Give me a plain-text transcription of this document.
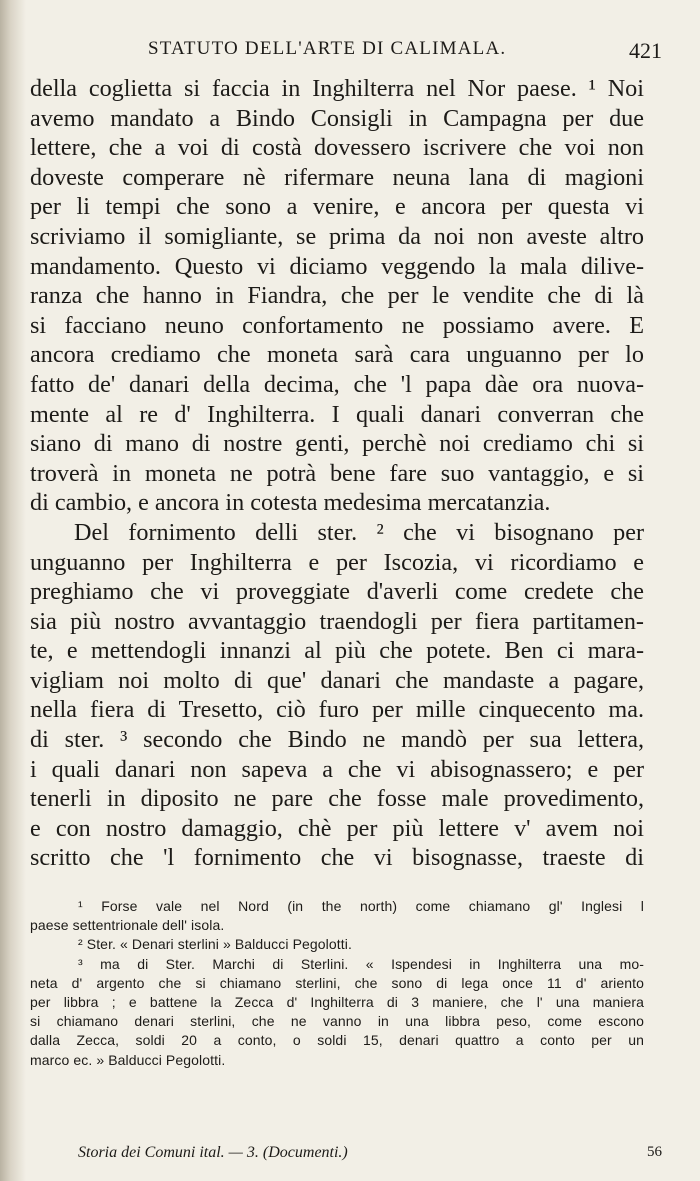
STATUTO DELL'ARTE DI CALIMALA.	421
della coglietta si faccia in Inghilterra nel Nor paese. ¹ Noi
avemo mandato a Bindo Consigli in Campagna per due
lettere, che a voi di costà dovessero iscrivere che voi non
doveste comperare nè rifermare neuna lana di magioni
per li tempi che sono a venire, e ancora per questa vi
scriviamo il somigliante, se prima da noi non aveste altro
mandamento. Questo vi diciamo veggendo la mala dilive-
ranza che hanno in Fiandra, che per le vendite che di là
si facciano neuno confortamento ne possiamo avere. E
ancora crediamo che moneta sarà cara unguanno per lo
fatto de' danari della decima, che 'l papa dàe ora nuova-
mente al re d' Inghilterra. I quali danari converran che
siano di mano di nostre genti, perchè noi crediamo chi si
troverà in moneta ne potrà bene fare suo vantaggio, e si
di cambio, e ancora in cotesta medesima mercatanzia.
Del fornimento delli ster. ² che vi bisognano per
unguanno per Inghilterra e per Iscozia, vi ricordiamo e
preghiamo che vi proveggiate d'averli come credete che
sia più nostro avvantaggio traendogli per fiera partitamen-
te, e mettendogli innanzi al più che potete. Ben ci mara-
vigliam noi molto di que' danari che mandaste a pagare,
nella fiera di Tresetto, ciò furo per mille cinquecento ma.
di ster. ³ secondo che Bindo ne mandò per sua lettera,
i quali danari non sapeva a che vi abisognassero; e per
tenerli in diposito ne pare che fosse male provedimento,
e con nostro damaggio, chè per più lettere v' avem noi
scritto che 'l fornimento che vi bisognasse, traeste di
¹ Forse vale nel Nord (in the north) come chiamano gl' Inglesi l
paese settentrionale dell' isola.
² Ster. « Denari sterlini » Balducci Pegolotti.
³ ma di Ster. Marchi di Sterlini. « Ispendesi in Inghilterra una mo-
neta d' argento che si chiamano sterlini, che sono di lega once 11 d' ariento
per libbra ; e battene la Zecca d' Inghilterra di 3 maniere, che l' una maniera
si chiamano denari sterlini, che ne vanno in una libbra peso, come escono
dalla Zecca, soldi 20 a conto, o soldi 15, denari quattro a conto per un
marco ec. » Balducci Pegolotti.
Storia dei Comuni ital. — 3. (Documenti.)	56
